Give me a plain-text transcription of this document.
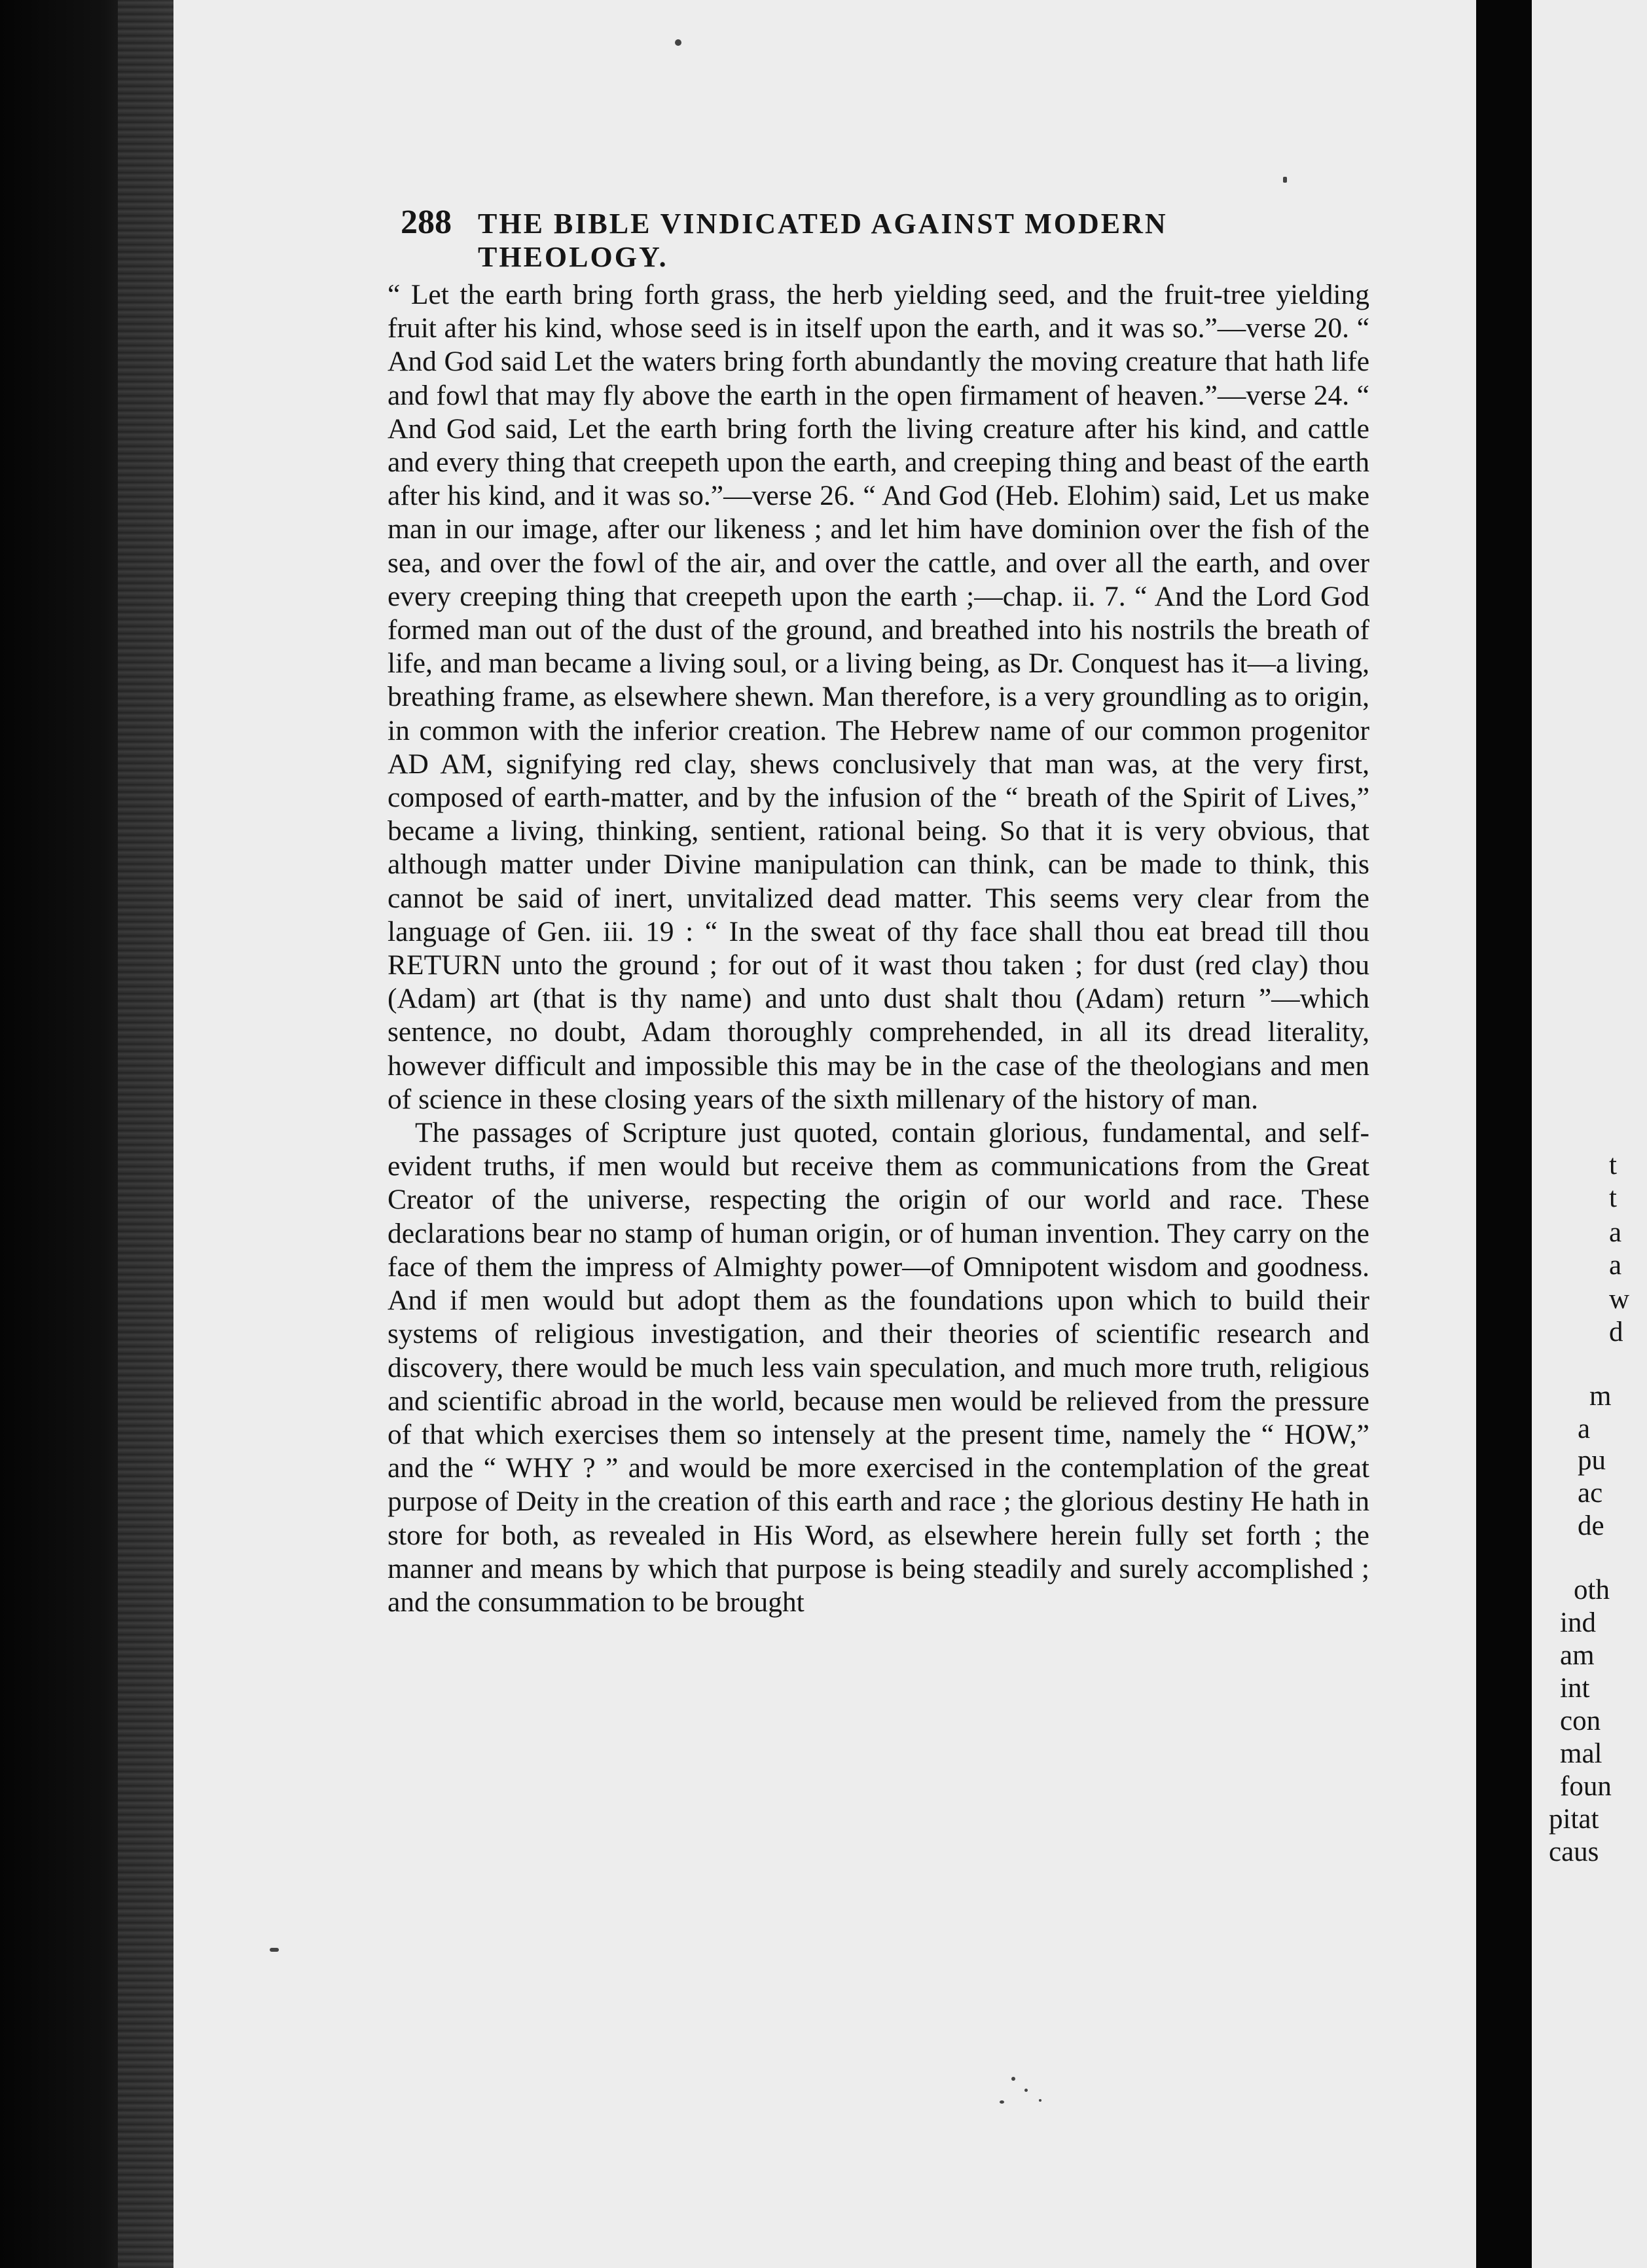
288 THE BIBLE VINDICATED AGAINST MODERN THEOLOGY.

“ Let the earth bring forth grass, the herb yielding seed, and the fruit-tree yielding fruit after his kind, whose seed is in itself upon the earth, and it was so.”—verse 20. “ And God said Let the waters bring forth abundantly the moving creature that hath life and fowl that may fly above the earth in the open firmament of heaven.”—verse 24. “ And God said, Let the earth bring forth the living creature after his kind, and cattle and every thing that creepeth upon the earth, and creeping thing and beast of the earth after his kind, and it was so.”—verse 26. “ And God (Heb. Elohim) said, Let us make man in our image, after our likeness ; and let him have dominion over the fish of the sea, and over the fowl of the air, and over the cattle, and over all the earth, and over every creeping thing that creepeth upon the earth ;—chap. ii. 7. “ And the Lord God formed man out of the dust of the ground, and breathed into his nostrils the breath of life, and man became a living soul, or a living being, as Dr. Conquest has it—a living, breathing frame, as elsewhere shewn. Man therefore, is a very groundling as to origin, in common with the inferior creation. The Hebrew name of our common progenitor AD AM, signifying red clay, shews conclusively that man was, at the very first, composed of earth-matter, and by the infusion of the “ breath of the Spirit of Lives,” became a living, thinking, sentient, rational being. So that it is very obvious, that although matter under Divine manipulation can think, can be made to think, this cannot be said of inert, unvitalized dead matter. This seems very clear from the language of Gen. iii. 19 : “ In the sweat of thy face shall thou eat bread till thou RETURN unto the ground ; for out of it wast thou taken ; for dust (red clay) thou (Adam) art (that is thy name) and unto dust shalt thou (Adam) return ”—which sentence, no doubt, Adam thoroughly comprehended, in all its dread literality, however difficult and impossible this may be in the case of the theologians and men of science in these closing years of the sixth millenary of the history of man.

The passages of Scripture just quoted, contain glorious, fundamental, and self-evident truths, if men would but receive them as communications from the Great Creator of the universe, respecting the origin of our world and race. These declarations bear no stamp of human origin, or of human invention. They carry on the face of them the impress of Almighty power—of Omnipotent wisdom and goodness. And if men would but adopt them as the foundations upon which to build their systems of religious investigation, and their theories of scientific research and discovery, there would be much less vain speculation, and much more truth, religious and scientific abroad in the world, because men would be relieved from the pressure of that which exercises them so intensely at the present time, namely the “ HOW,” and the “ WHY ? ” and would be more exercised in the contemplation of the great purpose of Deity in the creation of this earth and race ; the glorious destiny He hath in store for both, as revealed in His Word, as elsewhere herein fully set forth ; the manner and means by which that purpose is being steadily and surely accomplished ; and the consummation to be brought

t
t
a
a
w
d
m
a
pu
ac
de
oth
ind
am
int
con
mal
foun
pitat
caus
